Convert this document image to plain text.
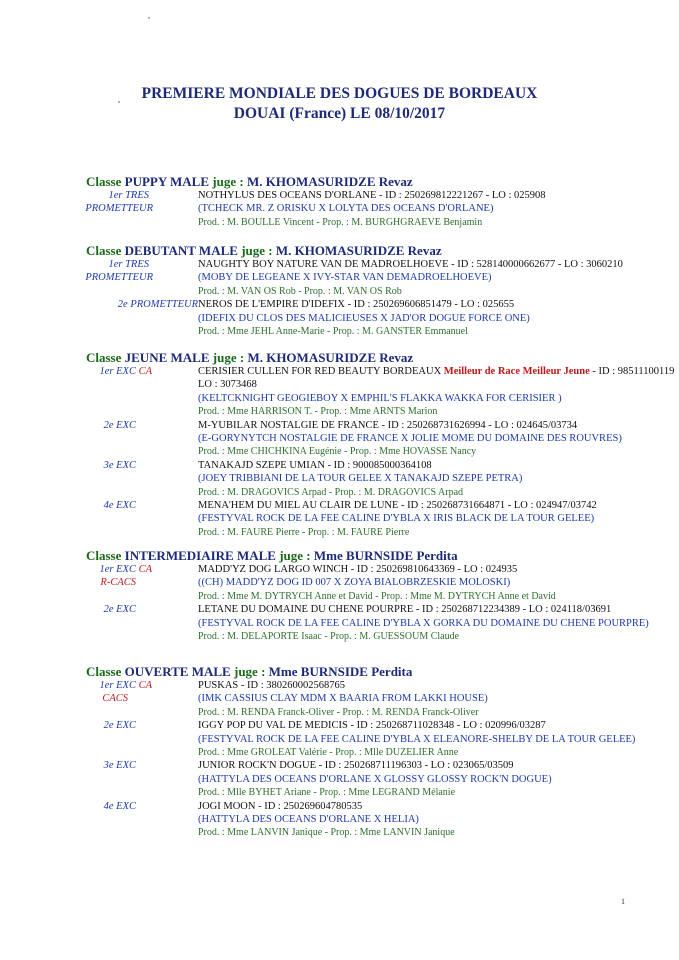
PREMIERE MONDIALE DES DOGUES DE BORDEAUX
DOUAI (France) LE 08/10/2017
Classe PUPPY MALE juge : M. KHOMASURIDZE Revaz
1er TRES	NOTHYLUS DES OCEANS D'ORLANE - ID : 250269812221267 - LO : 025908
PROMETTEUR	(TCHECK MR. Z ORISKU X LOLYTA DES OCEANS D'ORLANE)
Prod. : M. BOULLE Vincent - Prop. : M. BURGHGRAEVE Benjamin
Classe DEBUTANT MALE juge : M. KHOMASURIDZE Revaz
1er TRES	NAUGHTY BOY NATURE VAN DE MADROELHOEVE - ID : 528140000662677 - LO : 3060210
PROMETTEUR	(MOBY DE LEGEANE X IVY-STAR VAN DEMADROELHOEVE)
Prod. : M. VAN OS Rob - Prop. : M. VAN OS Rob
2e PROMETTEUR NEROS DE L'EMPIRE D'IDEFIX - ID : 250269606851479 - LO : 025655
(IDEFIX DU CLOS DES MALICIEUSES X JAD'OR DOGUE FORCE ONE)
Prod. : Mme JEHL Anne-Marie - Prop. : M. GANSTER Emmanuel
Classe JEUNE MALE juge : M. KHOMASURIDZE Revaz
1er EXC CA	CERISIER CULLEN FOR RED BEAUTY BORDEAUX Meilleur de Race Meilleur Jeune - ID : 98511100119
LO : 3073468
(KELTCKNIGHT GEOGIEBOY X EMPHIL'S FLAKKA WAKKA FOR CERISIER )
Prod. : Mme HARRISON T. - Prop. : Mme ARNTS Marion
2e EXC	M-YUBILAR NOSTALGIE DE FRANCE - ID : 250268731626994 - LO : 024645/03734
(E-GORYNYTCH NOSTALGIE DE FRANCE X JOLIE MOME DU DOMAINE DES ROUVRES)
Prod. : Mme CHICHKINA Eugénie - Prop. : Mme HOVASSE Nancy
3e EXC	TANAKAJD SZEPE UMIAN - ID : 900085000364108
(JOEY TRIBBIANI DE LA TOUR GELEE X TANAKAJD SZEPE PETRA)
Prod. : M. DRAGOVICS Arpad - Prop. : M. DRAGOVICS Arpad
4e EXC	MENA'HEM DU MIEL AU CLAIR DE LUNE - ID : 250268731664871 - LO : 024947/03742
(FESTYVAL ROCK DE LA FEE CALINE D'YBLA X IRIS BLACK DE LA TOUR GELEE)
Prod. : M. FAURE Pierre - Prop. : M. FAURE Pierre
Classe INTERMEDIAIRE MALE juge : Mme BURNSIDE Perdita
1er EXC CA	MADD'YZ DOG LARGO WINCH - ID : 250269810643369 - LO : 024935
R-CACS	((CH) MADD'YZ DOG ID 007 X ZOYA BIALOBRZESKIE MOLOSKI)
Prod. : Mme M. DYTRYCH Anne et David - Prop. : Mme M. DYTRYCH Anne et David
2e EXC	LETANE DU DOMAINE DU CHENE POURPRE - ID : 250268712234389 - LO : 024118/03691
(FESTYVAL ROCK DE LA FEE CALINE D'YBLA X GORKA DU DOMAINE DU CHENE POURPRE)
Prod. : M. DELAPORTE Isaac - Prop. : M. GUESSOUM Claude
Classe OUVERTE MALE juge : Mme BURNSIDE Perdita
1er EXC CA	PUSKAS - ID : 380260002568765
CACS	(IMK CASSIUS CLAY MDM X BAARIA FROM LAKKI HOUSE)
Prod. : M. RENDA Franck-Oliver - Prop. : M. RENDA Franck-Oliver
2e EXC	IGGY POP DU VAL DE MEDICIS - ID : 250268711028348 - LO : 020996/03287
(FESTYVAL ROCK DE LA FEE CALINE D'YBLA X ELEANORE-SHELBY DE LA TOUR GELEE)
Prod. : Mme GROLEAT Valérie - Prop. : Mlle DUZELIER Anne
3e EXC	JUNIOR ROCK'N DOGUE - ID : 250268711196303 - LO : 023065/03509
(HATTYLA DES OCEANS D'ORLANE X GLOSSY GLOSSY ROCK'N DOGUE)
Prod. : Mlle BYHET Ariane - Prop. : Mme LEGRAND Mélanie
4e EXC	JOGI MOON - ID : 250269604780535
(HATTYLA DES OCEANS D'ORLANE X HELIA)
Prod. : Mme LANVIN Janique - Prop. : Mme LANVIN Janique
1
